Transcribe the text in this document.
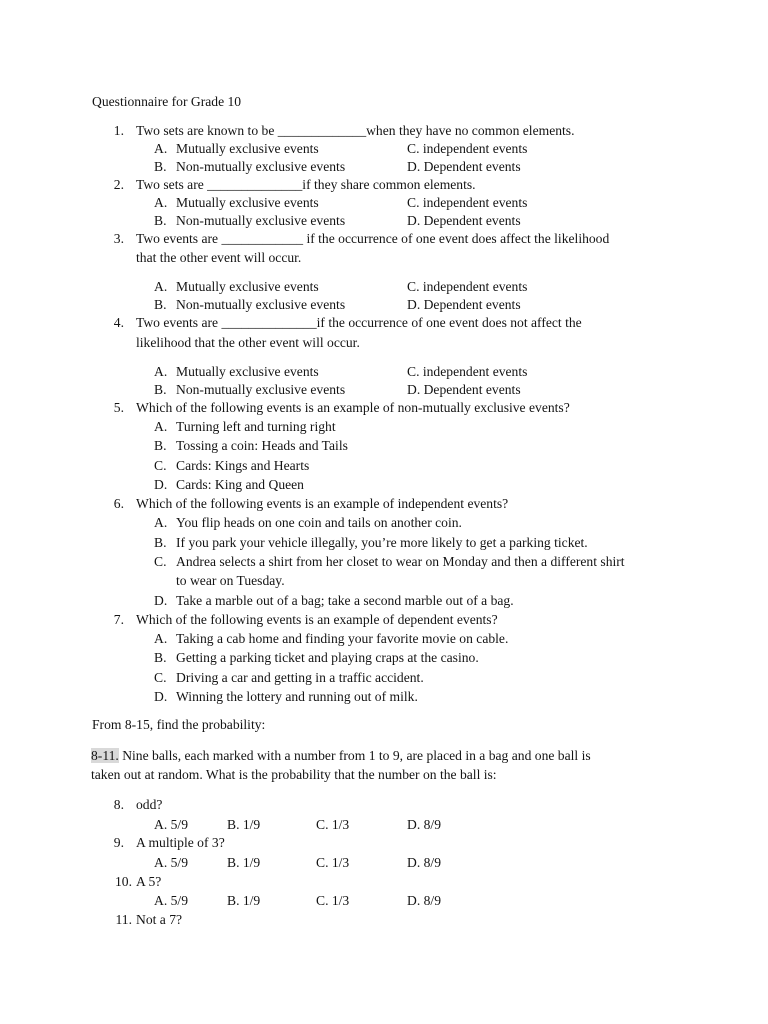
Questionnaire for Grade 10
1. Two sets are known to be _____________when they have no common elements.
A. Mutually exclusive events	C. independent events
B. Non-mutually exclusive events	D. Dependent events
2. Two sets are ______________if they share common elements.
A. Mutually exclusive events	C. independent events
B. Non-mutually exclusive events	D. Dependent events
3. Two events are ____________ if the occurrence of one event does affect the likelihood
that the other event will occur.
A. Mutually exclusive events	C. independent events
B. Non-mutually exclusive events	D. Dependent events
4. Two events are ______________if the occurrence of one event does not affect the
likelihood that the other event will occur.
A. Mutually exclusive events	C. independent events
B. Non-mutually exclusive events	D. Dependent events
5. Which of the following events is an example of non-mutually exclusive events?
A. Turning left and turning right
B. Tossing a coin: Heads and Tails
C. Cards: Kings and Hearts
D. Cards: King and Queen
6. Which of the following events is an example of independent events?
A. You flip heads on one coin and tails on another coin.
B. If you park your vehicle illegally, you’re more likely to get a parking ticket.
C. Andrea selects a shirt from her closet to wear on Monday and then a different shirt
to wear on Tuesday.
D. Take a marble out of a bag; take a second marble out of a bag.
7. Which of the following events is an example of dependent events?
A. Taking a cab home and finding your favorite movie on cable.
B. Getting a parking ticket and playing craps at the casino.
C. Driving a car and getting in a traffic accident.
D. Winning the lottery and running out of milk.
From 8-15, find the probability:
8-11. Nine balls, each marked with a number from 1 to 9, are placed in a bag and one ball is
taken out at random. What is the probability that the number on the ball is:
8. odd?
A. 5/9	B. 1/9	C. 1/3	D. 8/9
9. A multiple of 3?
A. 5/9	B. 1/9	C. 1/3	D. 8/9
10. A 5?
A. 5/9	B. 1/9	C. 1/3	D. 8/9
11. Not a 7?
